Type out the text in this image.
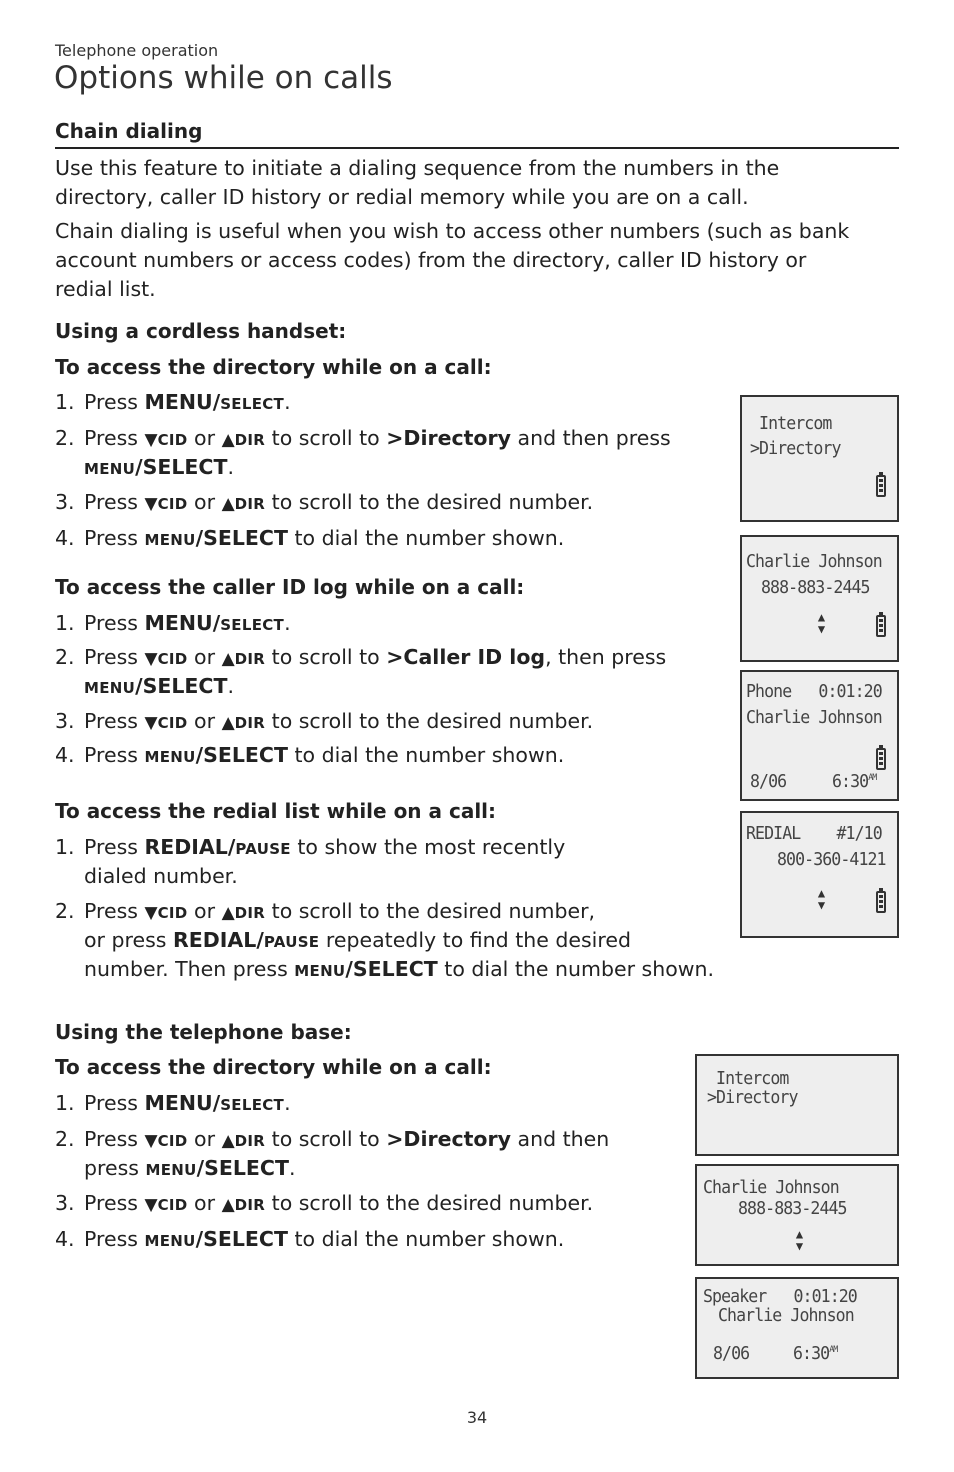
Telephone operation
Options while on calls
Chain dialing
Use this feature to initiate a dialing sequence from the numbers in the
directory, caller ID history or redial memory while you are on a call.
Chain dialing is useful when you wish to access other numbers (such as bank
account numbers or access codes) from the directory, caller ID history or
redial list.
Using a cordless handset:
To access the directory while on a call:
1. Press MENU/SELECT.
2. Press ▼CID or ▲DIR to scroll to >Directory and then press
MENU/SELECT.
3. Press ▼CID or ▲DIR to scroll to the desired number.
4. Press MENU/SELECT to dial the number shown.
To access the caller ID log while on a call:
1. Press MENU/SELECT.
2. Press ▼CID or ▲DIR to scroll to >Caller ID log, then press
MENU/SELECT.
3. Press ▼CID or ▲DIR to scroll to the desired number.
4. Press MENU/SELECT to dial the number shown.
To access the redial list while on a call:
1. Press REDIAL/PAUSE to show the most recently
dialed number.
2. Press ▼CID or ▲DIR to scroll to the desired number,
or press REDIAL/PAUSE repeatedly to find the desired
number. Then press MENU/SELECT to dial the number shown.
Using the telephone base:
To access the directory while on a call:
1. Press MENU/SELECT.
2. Press ▼CID or ▲DIR to scroll to >Directory and then
press MENU/SELECT.
3. Press ▼CID or ▲DIR to scroll to the desired number.
4. Press MENU/SELECT to dial the number shown.
Intercom
>Directory
Charlie Johnson
888-883-2445
▲
▼
Phone   0:01:20
Charlie Johnson
8/06	$6:30^{AM}$
REDIAL    #1/10
800-360-4121
▲
▼
Intercom
>Directory
Charlie Johnson
888-883-2445
▲
▼
Speaker   0:01:20
Charlie Johnson
8/06 $6:30^{AM}$
34
